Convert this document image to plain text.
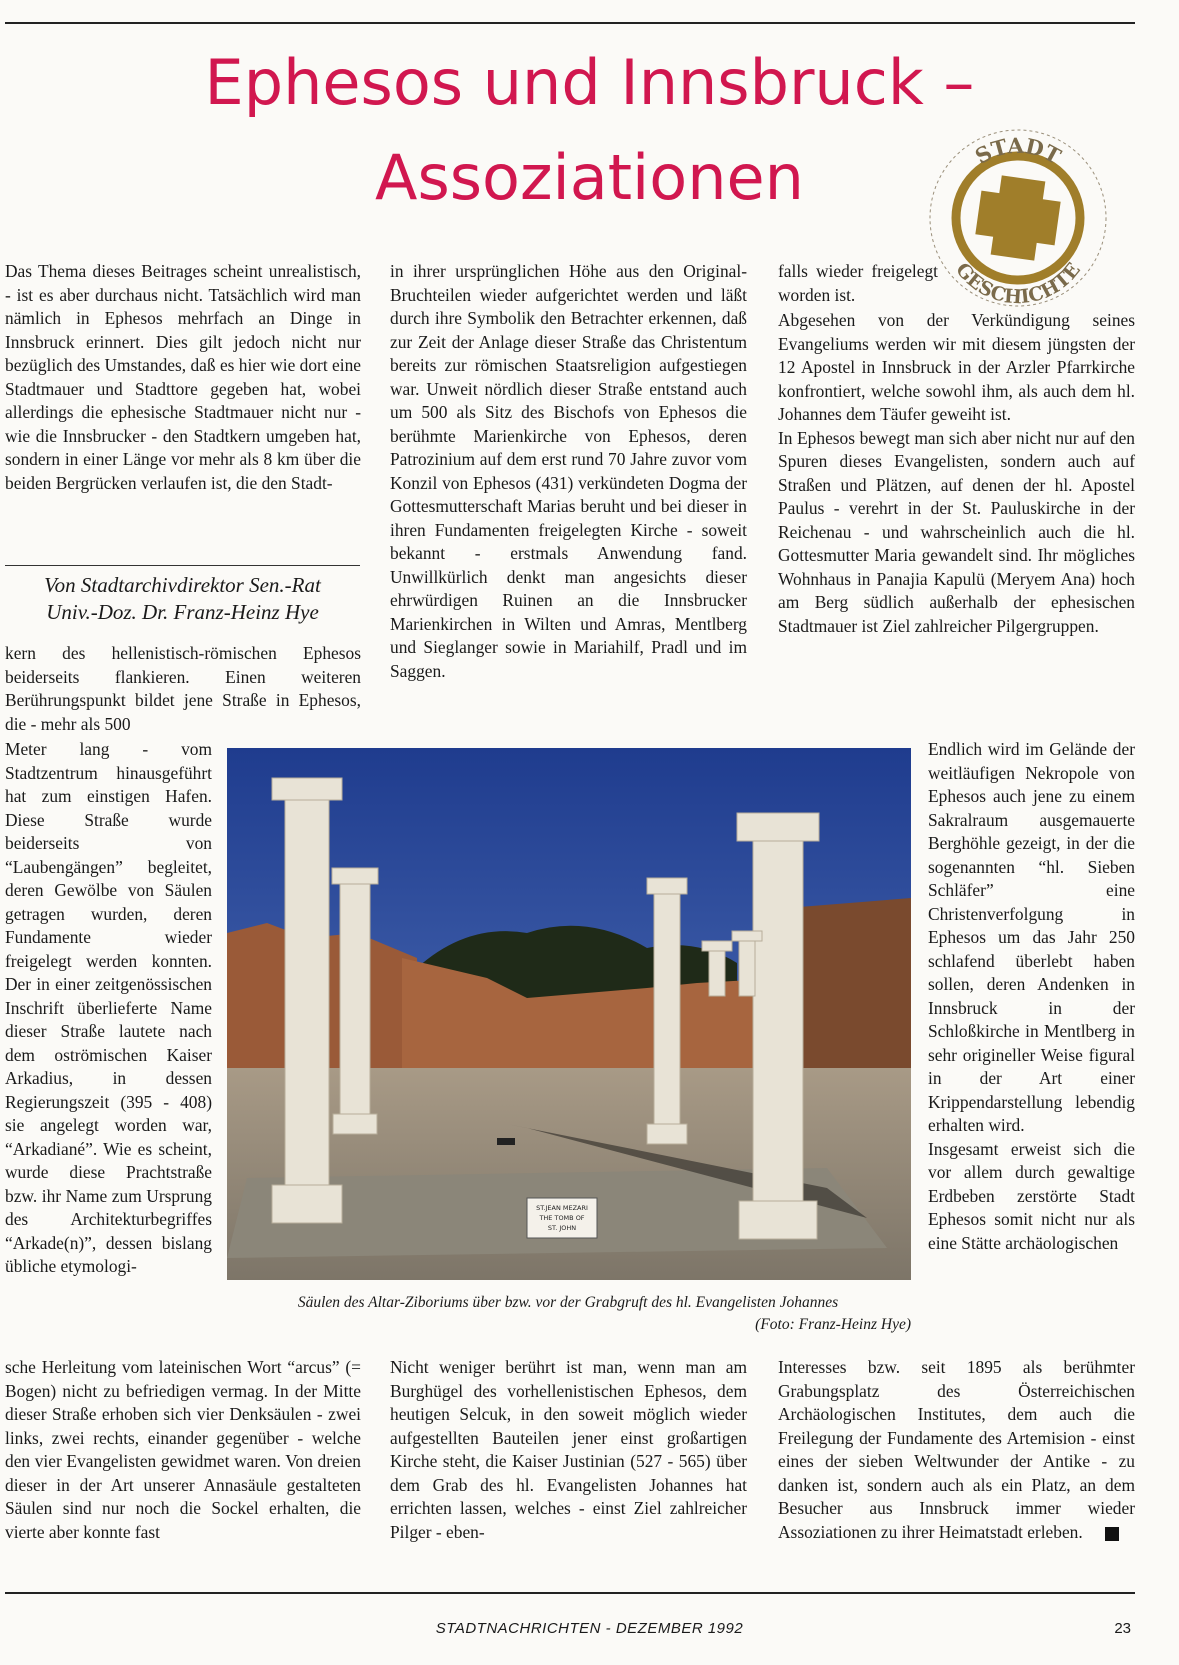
Ephesos und Innsbruck –
Assoziationen	STADT
GESCHICHTE

Das Thema dieses Beitrages scheint unrealistisch, - ist es aber durchaus nicht. Tatsächlich wird man nämlich in Ephesos mehrfach an Dinge in Innsbruck erinnert. Dies gilt jedoch nicht nur bezüglich des Umstandes, daß es hier wie dort eine Stadtmauer und Stadttore gegeben hat, wobei allerdings die ephesische Stadtmauer nicht nur - wie die Innsbrucker - den Stadtkern umgeben hat, sondern in einer Länge vor mehr als 8 km über die beiden Bergrücken verlaufen ist, die den Stadt-

Von Stadtarchivdirektor Sen.-Rat
Univ.-Doz. Dr. Franz-Heinz Hye

kern des hellenistisch-römischen Ephesos beiderseits flankieren. Einen weiteren Berührungspunkt bildet jene Straße in Ephesos, die - mehr als 500

Meter lang - vom Stadtzentrum hinausgeführt hat zum einstigen Hafen. Diese Straße wurde beiderseits von “Laubengängen” begleitet, deren Gewölbe von Säulen getragen wurden, deren Fundamente wieder freigelegt werden konnten. Der in einer zeitgenössischen Inschrift überlieferte Name dieser Straße lautete nach dem oströmischen Kaiser Arkadius, in dessen Regierungszeit (395 - 408) sie angelegt worden war, “Arkadiané”. Wie es scheint, wurde diese Prachtstraße bzw. ihr Name zum Ursprung des Architekturbegriffes “Arkade(n)”, dessen bislang übliche etymologi-

sche Herleitung vom lateinischen Wort “arcus” (= Bogen) nicht zu befriedigen vermag. In der Mitte dieser Straße erhoben sich vier Denksäulen - zwei links, zwei rechts, einander gegenüber - welche den vier Evangelisten gewidmet waren. Von dreien dieser in der Art unserer Annasäule gestalteten Säulen sind nur noch die Sockel erhalten, die vierte aber konnte fast

in ihrer ursprünglichen Höhe aus den Original-Bruchteilen wieder aufgerichtet werden und läßt durch ihre Symbolik den Betrachter erkennen, daß zur Zeit der Anlage dieser Straße das Christentum bereits zur römischen Staatsreligion aufgestiegen war. Unweit nördlich dieser Straße entstand auch um 500 als Sitz des Bischofs von Ephesos die berühmte Marienkirche von Ephesos, deren Patrozinium auf dem erst rund 70 Jahre zuvor vom Konzil von Ephesos (431) verkündeten Dogma der Gottesmutterschaft Marias beruht und bei dieser in ihren Fundamenten freigelegten Kirche - soweit bekannt - erstmals Anwendung fand. Unwillkürlich denkt man angesichts dieser ehrwürdigen Ruinen an die Innsbrucker Marienkirchen in Wilten und Amras, Mentlberg und Sieglanger sowie in Mariahilf, Pradl und im Saggen.

Nicht weniger berührt ist man, wenn man am Burghügel des vorhellenistischen Ephesos, dem heutigen Selcuk, in den soweit möglich wieder aufgestellten Bauteilen jener einst großartigen Kirche steht, die Kaiser Justinian (527 - 565) über dem Grab des hl. Evangelisten Johannes hat errichten lassen, welches - einst Ziel zahlreicher Pilger - eben-

falls wieder freigelegt worden ist.

Abgesehen von der Verkündigung seines Evangeliums werden wir mit diesem jüngsten der 12 Apostel in Innsbruck in der Arzler Pfarrkirche konfrontiert, welche sowohl ihm, als auch dem hl. Johannes dem Täufer geweiht ist.

In Ephesos bewegt man sich aber nicht nur auf den Spuren dieses Evangelisten, sondern auch auf Straßen und Plätzen, auf denen der hl. Apostel Paulus - verehrt in der St. Pauluskirche in der Reichenau - und wahrscheinlich auch die hl. Gottesmutter Maria gewandelt sind. Ihr mögliches Wohnhaus in Panajia Kapulü (Meryem Ana) hoch am Berg südlich außerhalb der ephesischen Stadtmauer ist Ziel zahlreicher Pilgergruppen.

Endlich wird im Gelände der weitläufigen Nekropole von Ephesos auch jene zu einem Sakralraum ausgemauerte Berghöhle gezeigt, in der die sogenannten “hl. Sieben Schläfer” eine Christenverfolgung in Ephesos um das Jahr 250 schlafend überlebt haben sollen, deren Andenken in Innsbruck in der Schloßkirche in Mentlberg in sehr origineller Weise figural in der Art einer Krippendarstellung lebendig erhalten wird.

Insgesamt erweist sich die vor allem durch gewaltige Erdbeben zerstörte Stadt Ephesos somit nicht nur als eine Stätte archäologischen

Interesses bzw. seit 1895 als berühmter Grabungsplatz des Österreichischen Archäologischen Institutes, dem auch die Freilegung der Fundamente des Artemision - einst eines der sieben Weltwunder der Antike - zu danken ist, sondern auch als ein Platz, an dem Besucher aus Innsbruck immer wieder Assoziationen zu ihrer Heimatstadt erleben.

ST.JEAN MEZARI
THE TOMB OF
ST. JOHN
Säulen des Altar-Ziboriums über bzw. vor der Grabgruft des hl. Evangelisten Johannes
(Foto: Franz-Heinz Hye)
STADTNACHRICHTEN - DEZEMBER 1992	23
